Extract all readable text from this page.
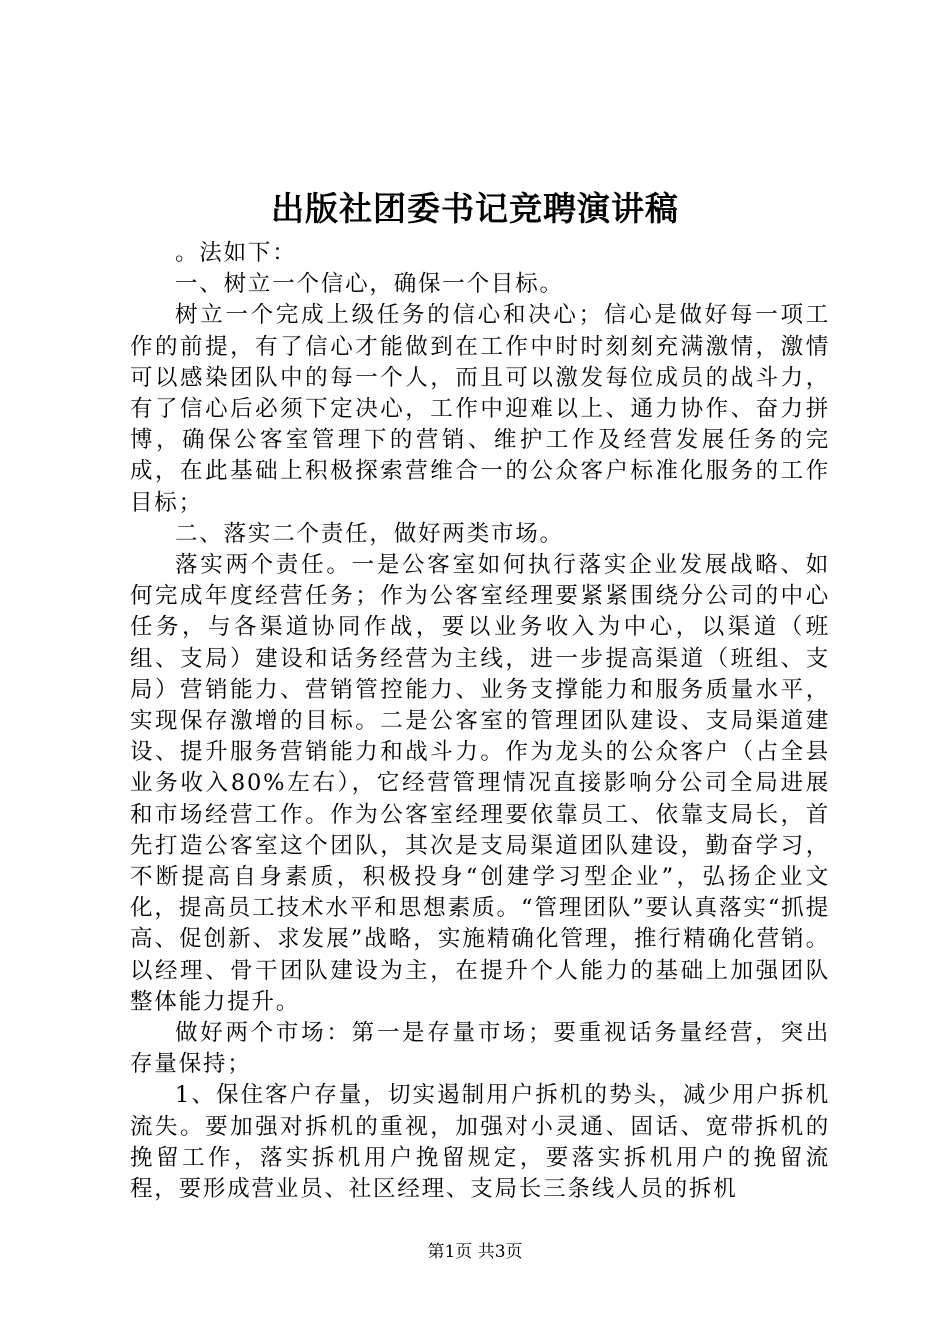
出版社团委书记竞聘演讲稿

。法如下：

一、树立一个信心，确保一个目标。

树立一个完成上级任务的信心和决心；信心是做好每一项工作的前提，有了信心才能做到在工作中时时刻刻充满激情，激情可以感染团队中的每一个人，而且可以激发每位成员的战斗力，有了信心后必须下定决心，工作中迎难以上、通力协作、奋力拼博，确保公客室管理下的营销、维护工作及经营发展任务的完成，在此基础上积极探索营维合一的公众客户标准化服务的工作目标；

二、落实二个责任，做好两类市场。

落实两个责任。一是公客室如何执行落实企业发展战略、如何完成年度经营任务；作为公客室经理要紧紧围绕分公司的中心任务，与各渠道协同作战，要以业务收入为中心，以渠道（班组、支局）建设和话务经营为主线，进一步提高渠道（班组、支局）营销能力、营销管控能力、业务支撑能力和服务质量水平，实现保存激增的目标。二是公客室的管理团队建设、支局渠道建设、提升服务营销能力和战斗力。作为龙头的公众客户（占全县业务收入80%左右），它经营管理情况直接影响分公司全局进展和市场经营工作。作为公客室经理要依靠员工、依靠支局长，首先打造公客室这个团队，其次是支局渠道团队建设，勤奋学习，不断提高自身素质，积极投身“创建学习型企业”，弘扬企业文化，提高员工技术水平和思想素质。“管理团队”要认真落实“抓提高、促创新、求发展”战略，实施精确化管理，推行精确化营销。以经理、骨干团队建设为主，在提升个人能力的基础上加强团队整体能力提升。

做好两个市场：第一是存量市场；要重视话务量经营，突出存量保持；

1、保住客户存量，切实遏制用户拆机的势头，减少用户拆机流失。要加强对拆机的重视，加强对小灵通、固话、宽带拆机的挽留工作，落实拆机用户挽留规定，要落实拆机用户的挽留流程，要形成营业员、社区经理、支局长三条线人员的拆机

第1页 共3页
